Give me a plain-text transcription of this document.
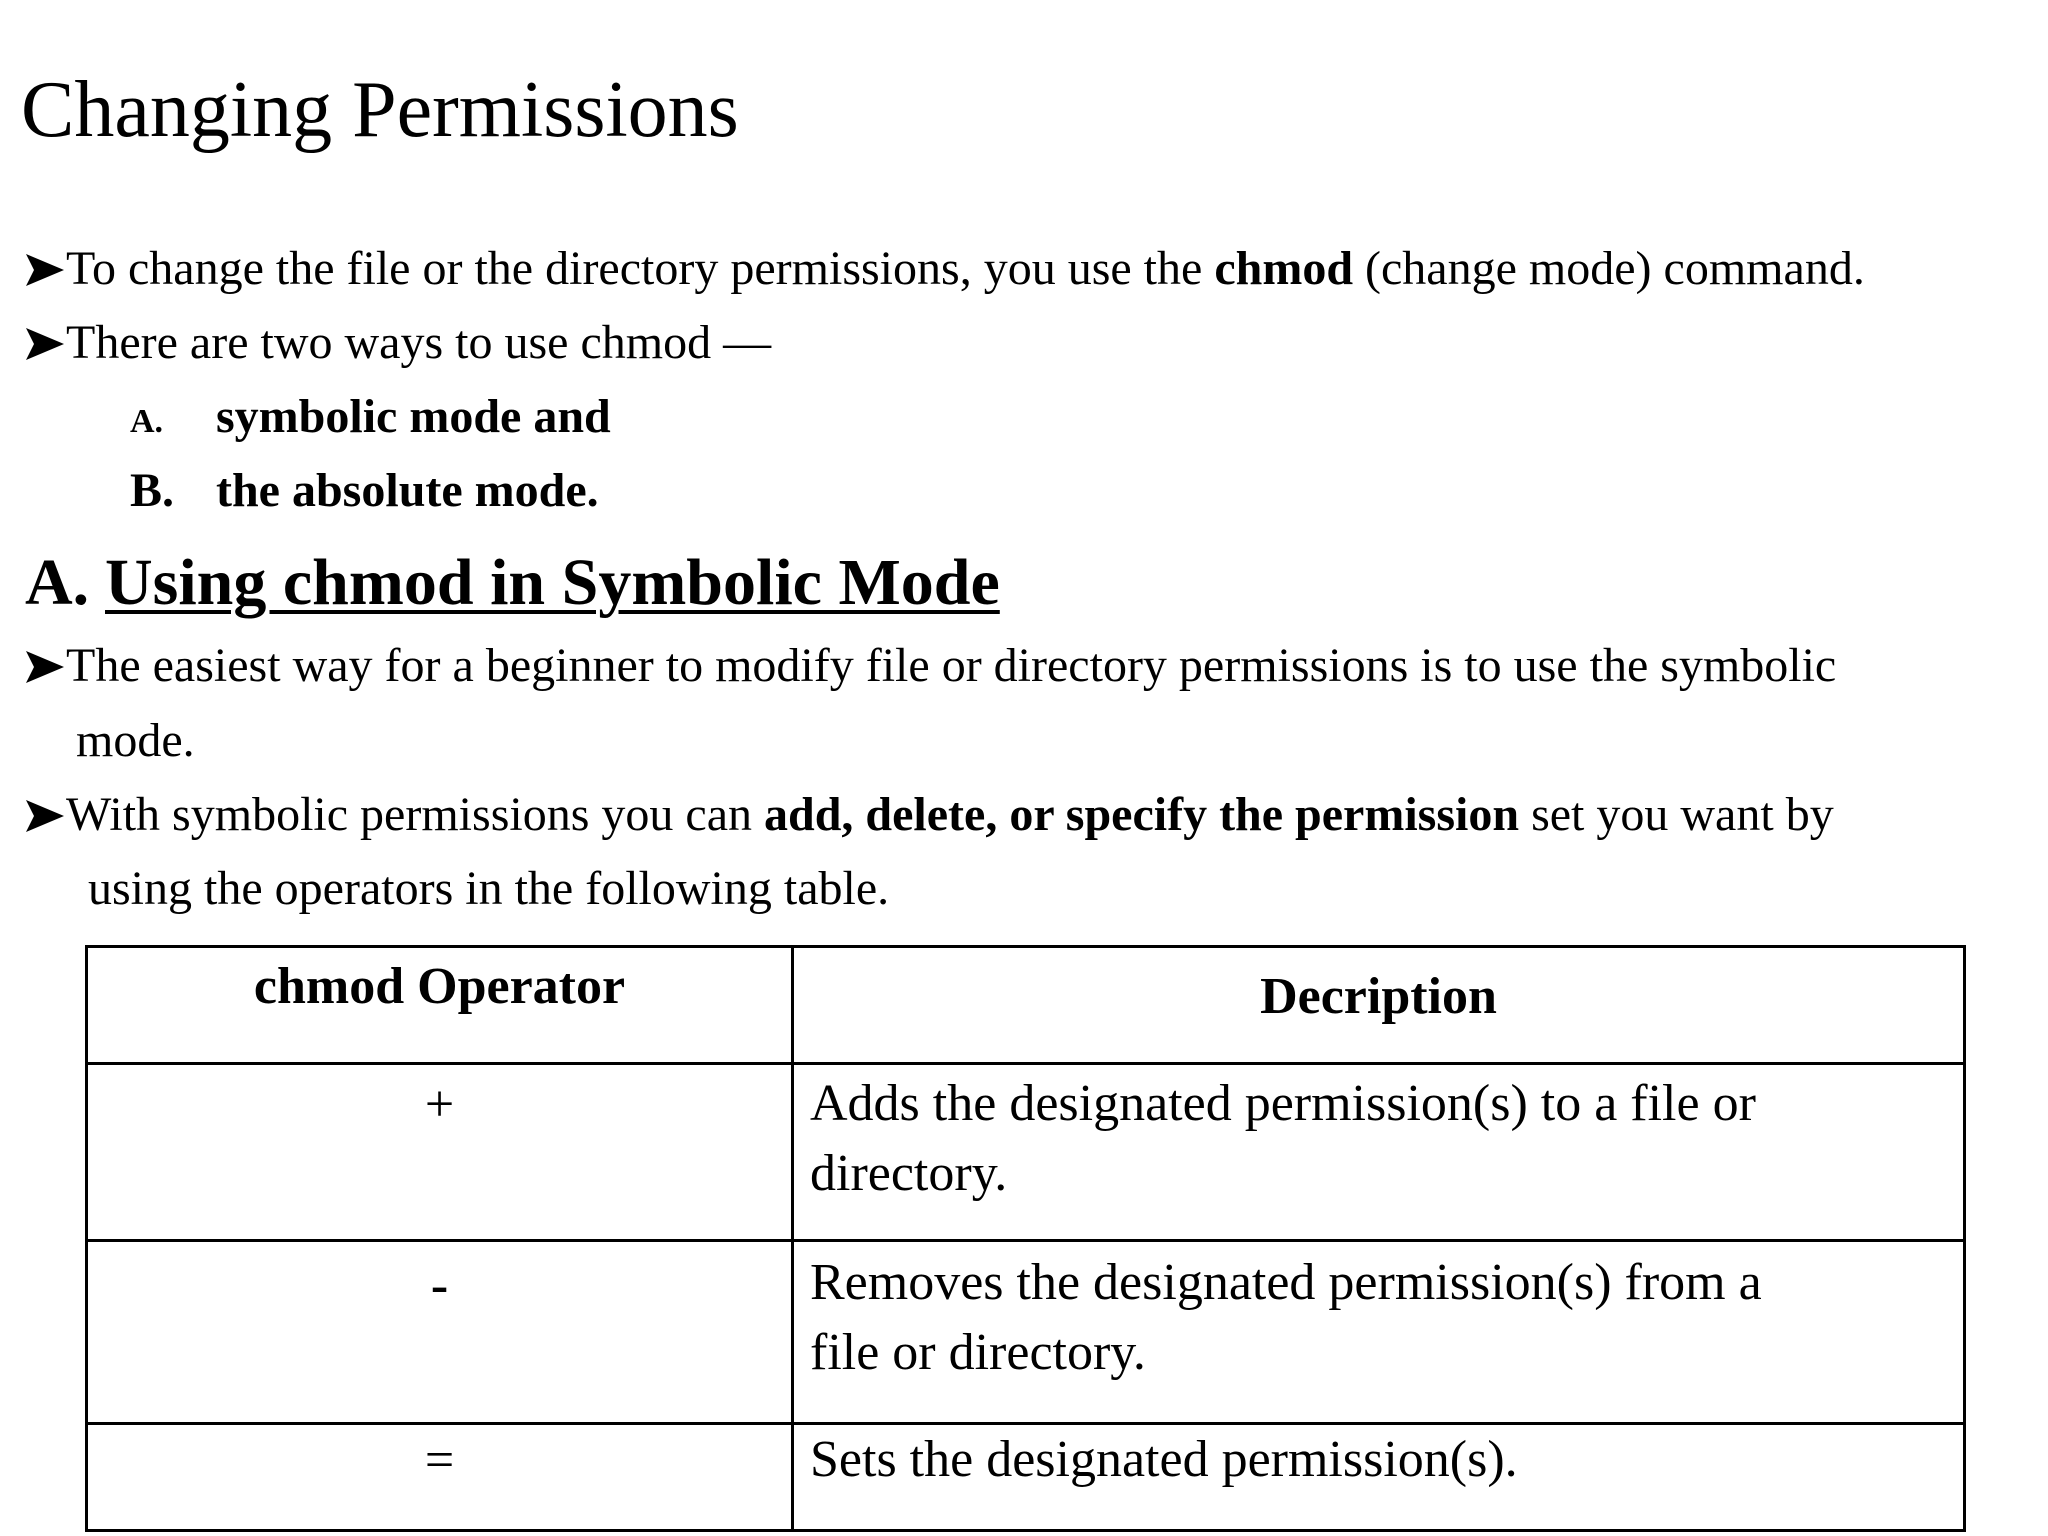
Changing Permissions
To change the file or the directory permissions, you use the chmod (change mode) command.
There are two ways to use chmod —
A. symbolic mode and
B. the absolute mode.
A. Using chmod in Symbolic Mode
The easiest way for a beginner to modify file or directory permissions is to use the symbolic
mode.
With symbolic permissions you can add, delete, or specify the permission set you want by
using the operators in the following table.
chmod Operator	Decription

+	Adds the designated permission(s) to a file or
directory.

-	Removes the designated permission(s) from a
file or directory.

=	Sets the designated permission(s).
